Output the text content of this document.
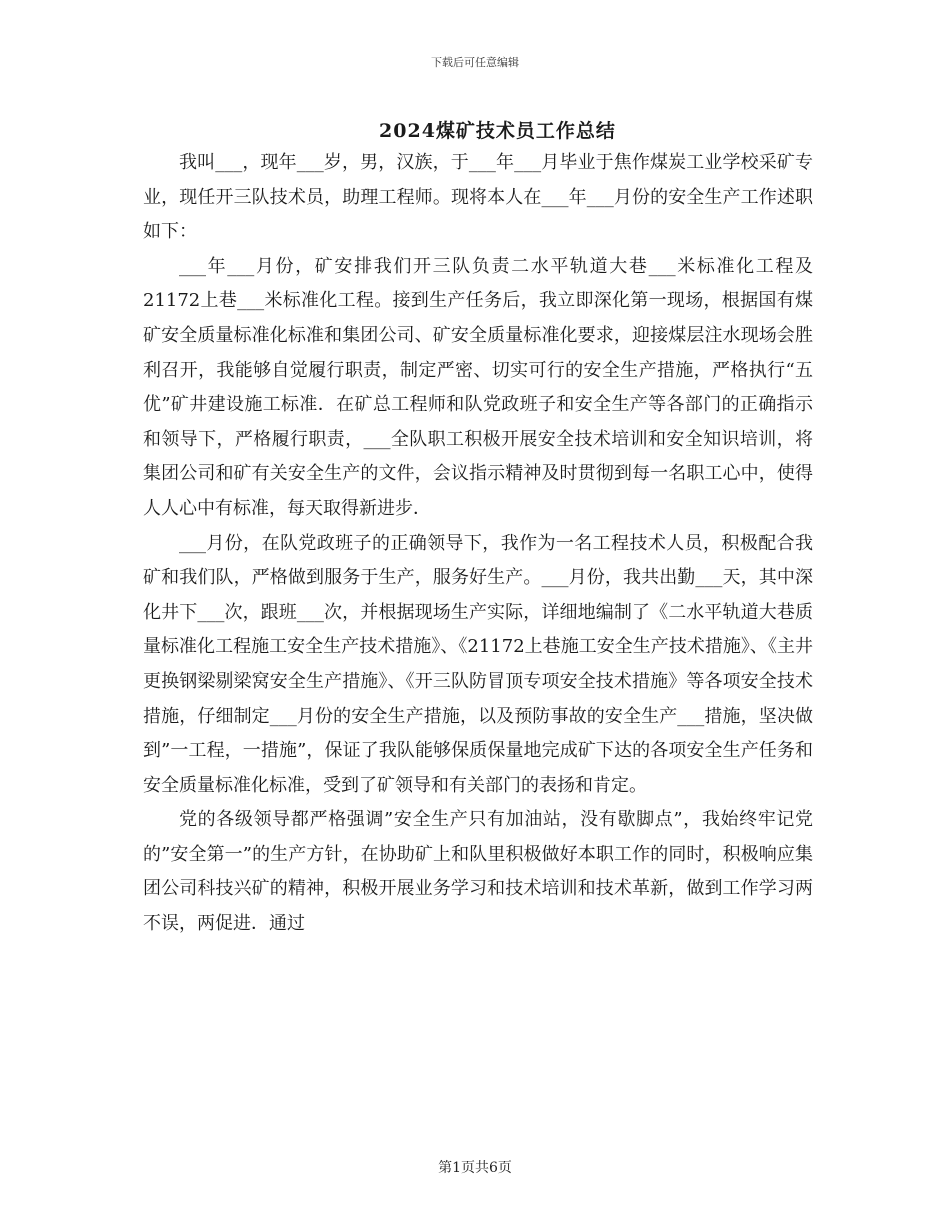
下载后可任意编辑
2024煤矿技术员工作总结

我叫___，现年___岁，男，汉族，于___年___月毕业于焦作煤炭工业学校采矿专业，现任开三队技术员，助理工程师。现将本人在___年___月份的安全生产工作述职如下：

___年___月份，矿安排我们开三队负责二水平轨道大巷___米标准化工程及21172上巷___米标准化工程。接到生产任务后，我立即深化第一现场，根据国有煤矿安全质量标准化标准和集团公司、矿安全质量标准化要求，迎接煤层注水现场会胜利召开，我能够自觉履行职责，制定严密、切实可行的安全生产措施，严格执行“五优”矿井建设施工标准．在矿总工程师和队党政班子和安全生产等各部门的正确指示和领导下，严格履行职责，___全队职工积极开展安全技术培训和安全知识培训，将集团公司和矿有关安全生产的文件，会议指示精神及时贯彻到每一名职工心中，使得人人心中有标准，每天取得新进步．

___月份，在队党政班子的正确领导下，我作为一名工程技术人员，积极配合我矿和我们队，严格做到服务于生产，服务好生产。___月份，我共出勤___天，其中深化井下___次，跟班___次，并根据现场生产实际，详细地编制了《二水平轨道大巷质量标准化工程施工安全生产技术措施》、《21172上巷施工安全生产技术措施》、《主井更换钢梁剔梁窝安全生产措施》、《开三队防冒顶专项安全技术措施》等各项安全技术措施，仔细制定___月份的安全生产措施，以及预防事故的安全生产___措施，坚决做到”一工程，一措施”，保证了我队能够保质保量地完成矿下达的各项安全生产任务和安全质量标准化标准，受到了矿领导和有关部门的表扬和肯定。

党的各级领导都严格强调”安全生产只有加油站，没有歇脚点”，我始终牢记党的”安全第一”的生产方针，在协助矿上和队里积极做好本职工作的同时，积极响应集团公司科技兴矿的精神，积极开展业务学习和技术培训和技术革新，做到工作学习两不误，两促进．通过

第1页共6页
